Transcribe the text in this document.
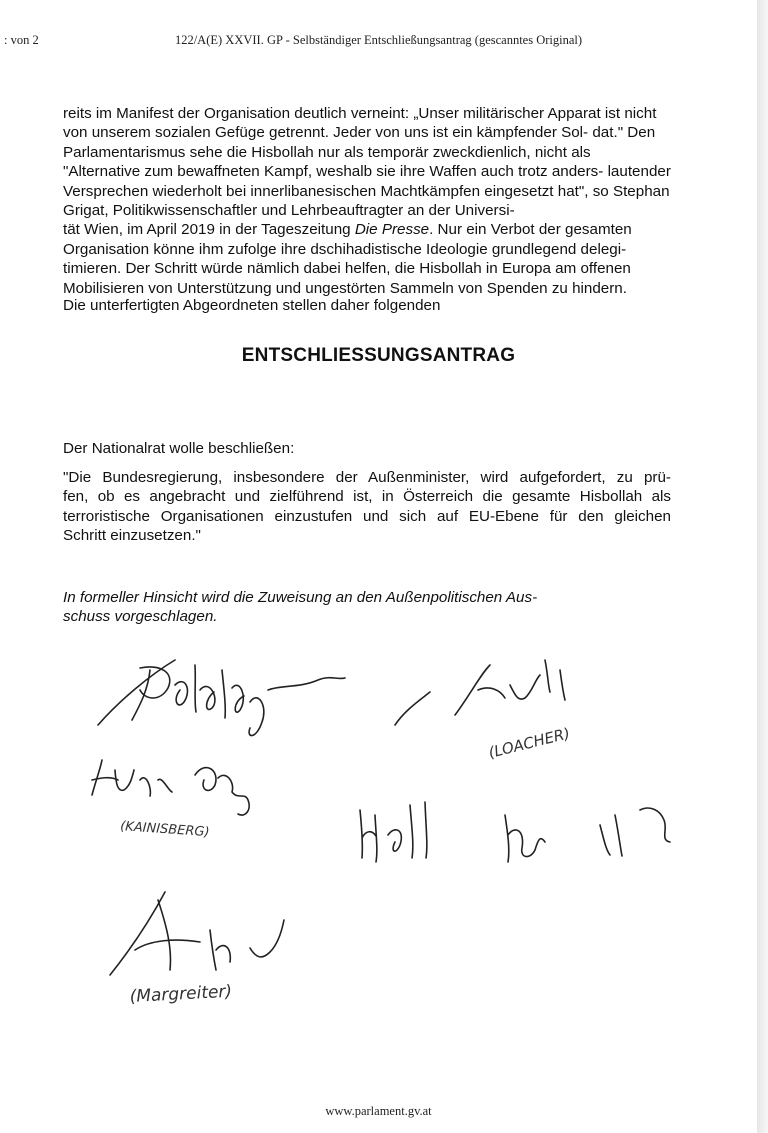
: von 2	122/A(E) XXVII. GP - Selbständiger Entschließungsantrag (gescanntes Original)
reits im Manifest der Organisation deutlich verneint: „Unser militärischer Apparat ist nicht von unserem sozialen Gefüge getrennt. Jeder von uns ist ein kämpfender Sol- dat." Den Parlamentarismus sehe die Hisbollah nur als temporär zweckdienlich, nicht als "Alternative zum bewaffneten Kampf, weshalb sie ihre Waffen auch trotz anders- lautender Versprechen wiederholt bei innerlibanesischen Machtkämpfen eingesetzt hat", so Stephan Grigat, Politikwissenschaftler und Lehrbeauftragter an der Universi-
tät Wien, im April 2019 in der Tageszeitung Die Presse . Nur ein Verbot der gesamten
Organisation könne ihm zufolge ihre dschihadistische Ideologie grundlegend delegi- timieren. Der Schritt würde nämlich dabei helfen, die Hisbollah in Europa am offenen Mobilisieren von Unterstützung und ungestörten Sammeln von Spenden zu hindern.

Die unterfertigten Abgeordneten stellen daher folgenden

ENTSCHLIESSUNGSANTRAG

Der Nationalrat wolle beschließen:

"Die Bundesregierung, insbesondere der Außenminister, wird aufgefordert, zu prü-
fen, ob es angebracht und zielführend ist, in Österreich die gesamte Hisbollah als
terroristische Organisationen einzustufen und sich auf EU-Ebene für den gleichen
Schritt einzusetzen."
In formeller Hinsicht wird die Zuweisung an den Außenpolitischen Aus-
schuss vorgeschlagen.
(LOACHER)
(KAINISBERG)
(Margreiter)
www.parlament.gv.at
